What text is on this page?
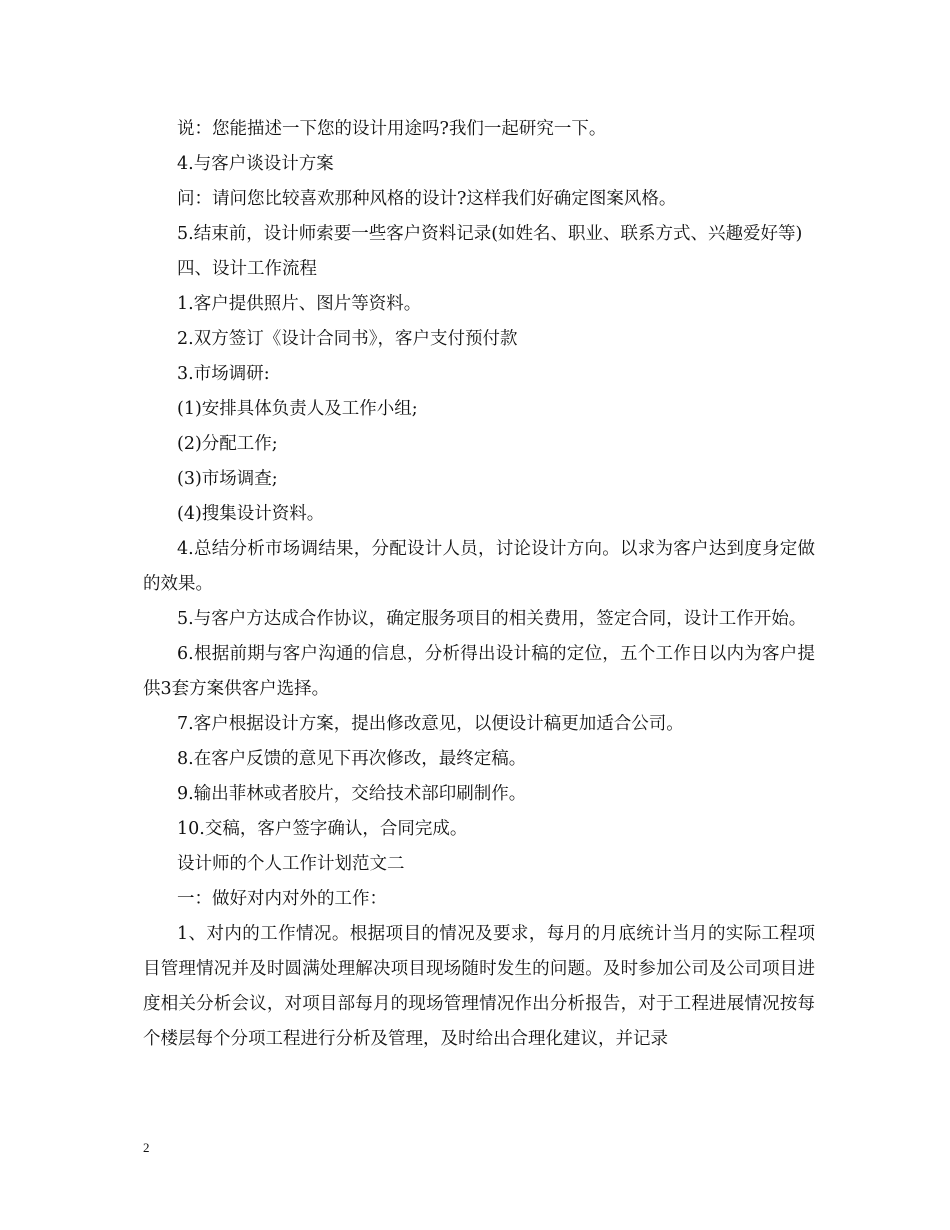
说：您能描述一下您的设计用途吗?我们一起研究一下。

4.与客户谈设计方案

问：请问您比较喜欢那种风格的设计?这样我们好确定图案风格。

5.结束前，设计师索要一些客户资料记录(如姓名、职业、联系方式、兴趣爱好等)

四、设计工作流程

1.客户提供照片、图片等资料。

2.双方签订《设计合同书》，客户支付预付款

3.市场调研:

(1)安排具体负责人及工作小组;

(2)分配工作;

(3)市场调查;

(4)搜集设计资料。

4.总结分析市场调结果，分配设计人员，讨论设计方向。以求为客户达到度身定做的效果。

5.与客户方达成合作协议，确定服务项目的相关费用，签定合同，设计工作开始。

6.根据前期与客户沟通的信息，分析得出设计稿的定位，五个工作日以内为客户提供3套方案供客户选择。

7.客户根据设计方案，提出修改意见，以便设计稿更加适合公司。

8.在客户反馈的意见下再次修改，最终定稿。

9.输出菲林或者胶片，交给技术部印刷制作。

10.交稿，客户签字确认，合同完成。

设计师的个人工作计划范文二

一：做好对内对外的工作：

1、对内的工作情况。根据项目的情况及要求，每月的月底统计当月的实际工程项目管理情况并及时圆满处理解决项目现场随时发生的问题。及时参加公司及公司项目进度相关分析会议，对项目部每月的现场管理情况作出分析报告，对于工程进展情况按每个楼层每个分项工程进行分析及管理，及时给出合理化建议，并记录

2
